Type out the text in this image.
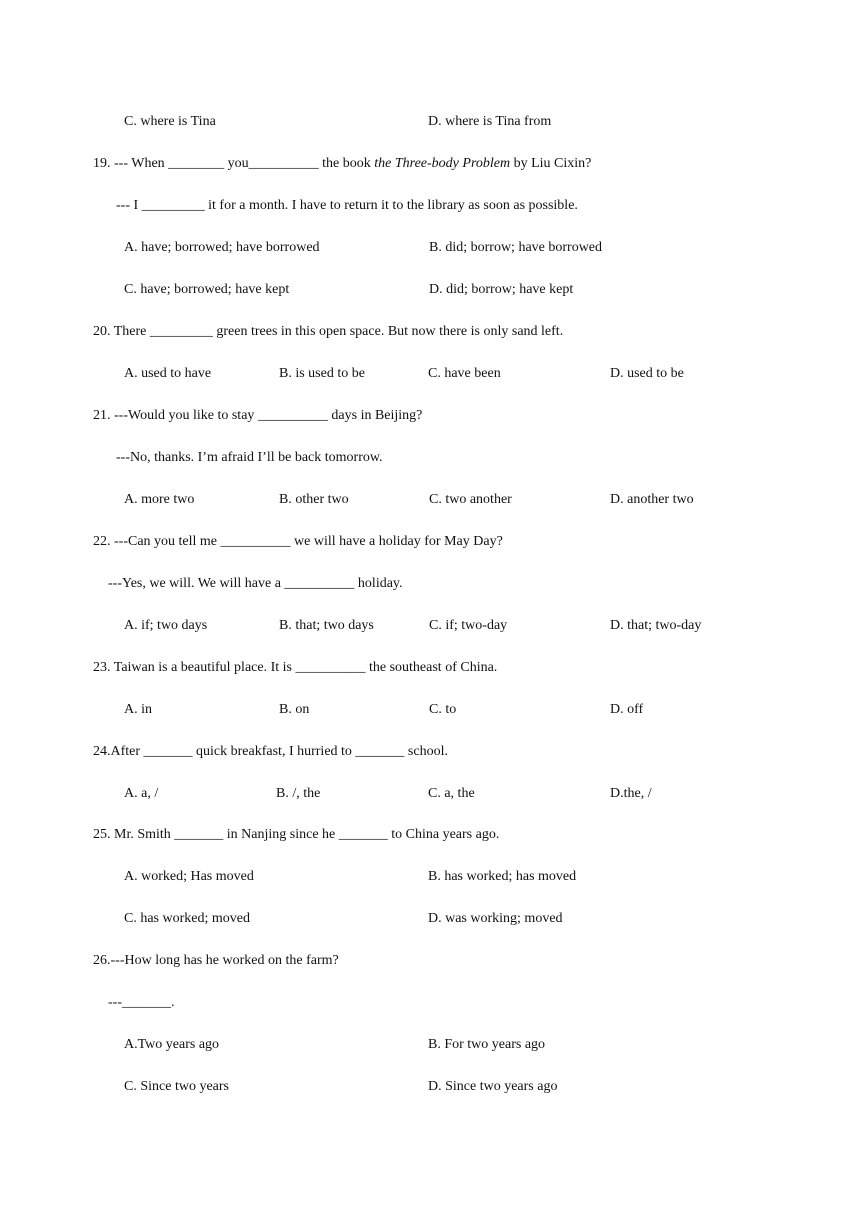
C. where is Tina	D. where is Tina from
19. --- When ________ you__________ the book the Three-body Problem by Liu Cixin?
--- I _________ it for a month. I have to return it to the library as soon as possible.
A. have; borrowed; have borrowed	B. did; borrow; have borrowed
C. have; borrowed; have kept	D. did; borrow; have kept
20. There _________ green trees in this open space. But now there is only sand left.
A. used to have	B. is used to be	C. have been	D. used to be
21. ---Would you like to stay __________ days in Beijing?
---No, thanks. I’m afraid I’ll be back tomorrow.
A. more two	B. other two	C. two another	D. another two
22. ---Can you tell me __________ we will have a holiday for May Day?
---Yes, we will. We will have a __________ holiday.
A. if; two days	B. that; two days	C. if; two-day	D. that; two-day
23. Taiwan is a beautiful place. It is __________ the southeast of China.
A. in	B. on	C. to	D. off
24.After _______ quick breakfast, I hurried to _______ school.
A. a, /	B. /, the	C. a, the	D.the, /
25. Mr. Smith _______ in Nanjing since he _______ to China years ago.
A. worked; Has moved	B. has worked; has moved
C. has worked; moved	D. was working; moved
26.---How long has he worked on the farm?
---_______.
A.Two years ago	B. For two years ago
C. Since two years	D. Since two years ago
